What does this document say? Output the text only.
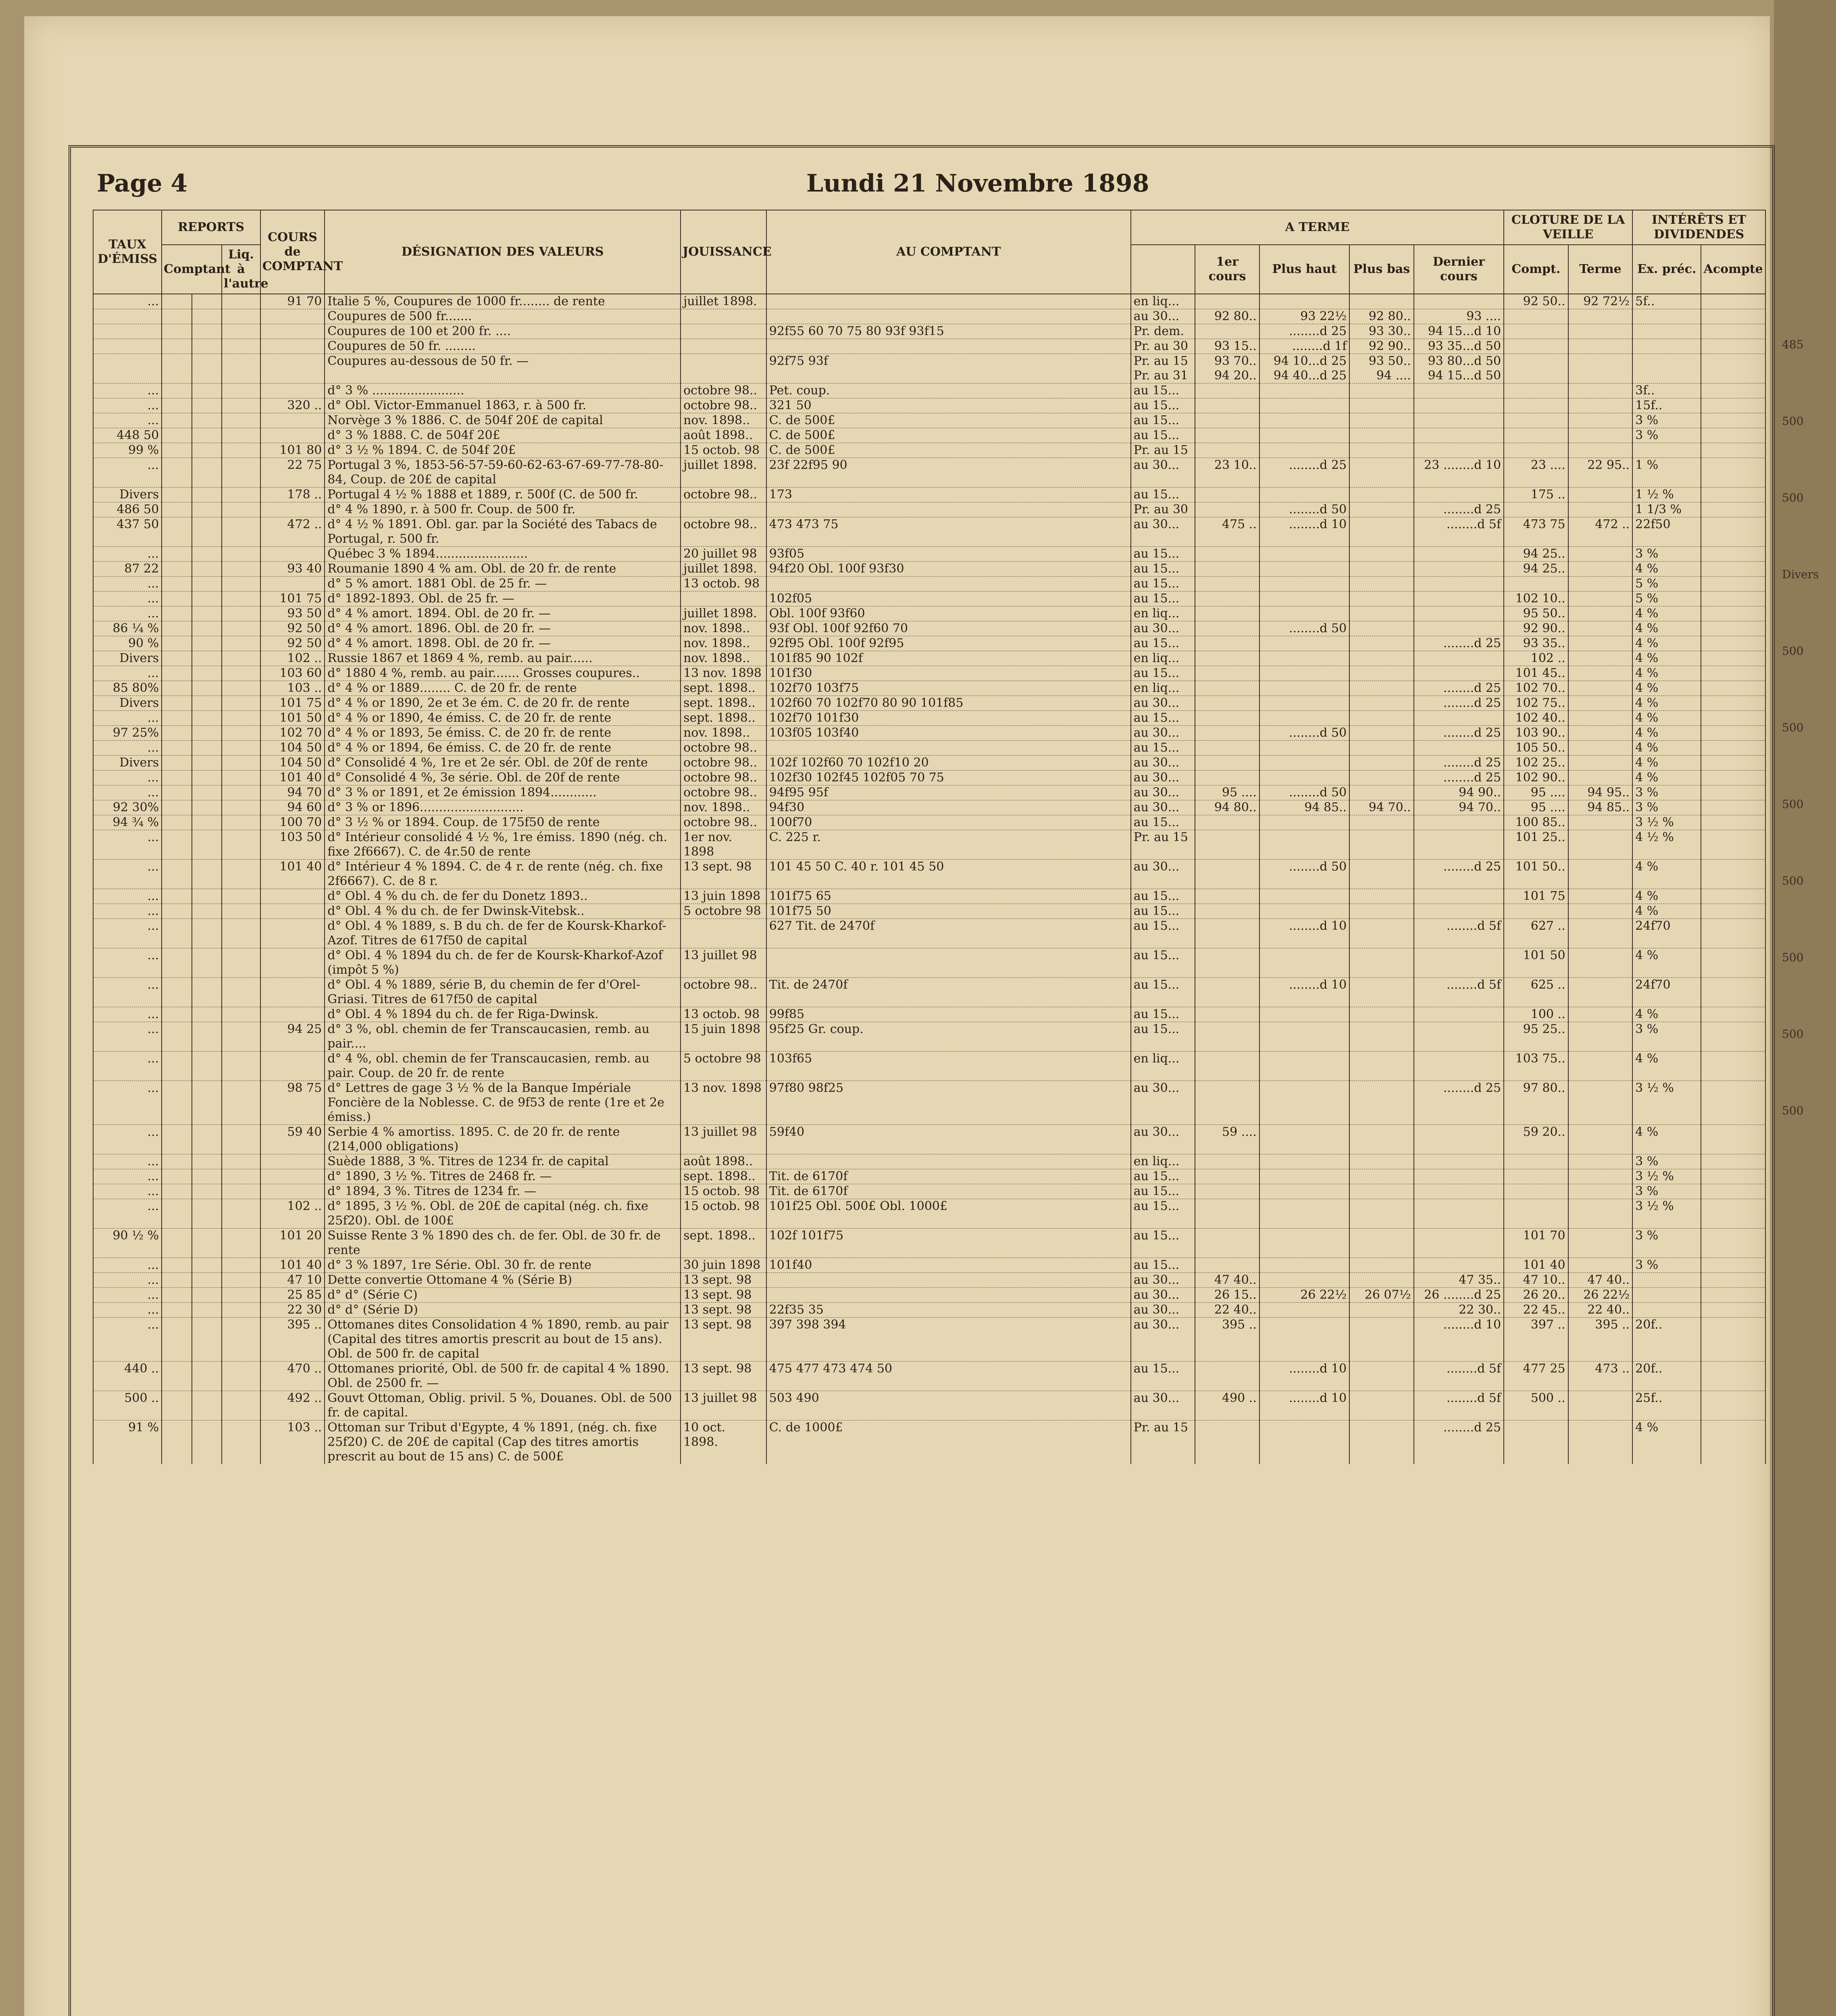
Page 4	Lundi 21 Novembre 1898
TAUX D'ÉMISS	REPORTS			COURS de COMPTANT	DÉSIGNATION DES VALEURS	JOUISSANCE	AU COMPTANT	A TERME					CLOTURE DE LA VEILLE		INTÉRÊTS ET DIVIDENDES	
	Comptant		Liq. à l'autre						1er cours	Plus haut	Plus bas	Dernier cours	Compt.	Terme	Ex. préc.	Acompte
...				91 70	Italie 5 %, Coupures de 1000 fr........ de rente	juillet 1898.		en liq...					92 50..	92 72½	5f..	
					Coupures de 500 fr.......			au 30...	92 80..	93 22½	92 80..	93 ....				
					Coupures de 100 et 200 fr. ....		92f55 60 70 75 80 93f 93f15	Pr. dem.		........d 25	93 30..	94 15...d 10				
					Coupures de 50 fr. ........			Pr. au 30	93 15..	........d 1f	92 90..	93 35...d 50				
					Coupures au-dessous de 50 fr. —		92f75 93f	Pr. au 15	93 70..	94 10...d 25	93 50..	93 80...d 50				
								Pr. au 31	94 20..	94 40...d 25	94 ....	94 15...d 50				
...					d° 3 % ........................	octobre 98..	Pet. coup.	au 15...							3f..	
...				320 ..	d° Obl. Victor-Emmanuel 1863, r. à 500 fr.	octobre 98..	321 50	au 15...							15f..	
...					Norvège 3 % 1886. C. de 504f 20£ de capital	nov. 1898..	C. de 500£	au 15...							3 %	
448 50					d° 3 % 1888. C. de 504f 20£	août 1898..	C. de 500£	au 15...							3 %	
99 %				101 80	d° 3 ½ % 1894. C. de 504f 20£	15 octob. 98	C. de 500£	Pr. au 15								
...				22 75	Portugal 3 %, 1853-56-57-59-60-62-63-67-69-77-78-80-84, Coup. de 20£ de capital	juillet 1898.	23f 22f95 90	au 30...	23 10..	........d 25		23 ........d 10	23 ....	22 95..	1 %	
Divers				178 ..	Portugal 4 ½ % 1888 et 1889, r. 500f (C. de 500 fr.	octobre 98..	173	au 15...					175 ..		1 ½ %	
486 50					d° 4 % 1890, r. à 500 fr. Coup. de 500 fr.			Pr. au 30		........d 50		........d 25			1 1/3 %	
437 50				472 ..	d° 4 ½ % 1891. Obl. gar. par la Société des Tabacs de Portugal, r. 500 fr.	octobre 98..	473 473 75	au 30...	475 ..	........d 10		........d 5f	473 75	472 ..	22f50	
...					Québec 3 % 1894........................	20 juillet 98	93f05	au 15...					94 25..		3 %	
87 22				93 40	Roumanie 1890 4 % am. Obl. de 20 fr. de rente	juillet 1898.	94f20 Obl. 100f 93f30	au 15...					94 25..		4 %	
...					d° 5 % amort. 1881 Obl. de 25 fr. —	13 octob. 98		au 15...							5 %	
...				101 75	d° 1892-1893. Obl. de 25 fr. —		102f05	au 15...					102 10..		5 %	
...				93 50	d° 4 % amort. 1894. Obl. de 20 fr. —	juillet 1898.	Obl. 100f 93f60	en liq...					95 50..		4 %	
86 ¼ %				92 50	d° 4 % amort. 1896. Obl. de 20 fr. —	nov. 1898..	93f Obl. 100f 92f60 70	au 30...		........d 50			92 90..		4 %	
90 %				92 50	d° 4 % amort. 1898. Obl. de 20 fr. —	nov. 1898..	92f95 Obl. 100f 92f95	au 15...				........d 25	93 35..		4 %	
Divers				102 ..	Russie 1867 et 1869 4 %, remb. au pair......	nov. 1898..	101f85 90 102f	en liq...					102 ..		4 %	
...				103 60	d° 1880 4 %, remb. au pair....... Grosses coupures..	13 nov. 1898	101f30	au 15...					101 45..		4 %	
85 80%				103 ..	d° 4 % or 1889........ C. de 20 fr. de rente	sept. 1898..	102f70 103f75	en liq...				........d 25	102 70..		4 %	
Divers				101 75	d° 4 % or 1890, 2e et 3e ém. C. de 20 fr. de rente	sept. 1898..	102f60 70 102f70 80 90 101f85	au 30...				........d 25	102 75..		4 %	
...				101 50	d° 4 % or 1890, 4e émiss. C. de 20 fr. de rente	sept. 1898..	102f70 101f30	au 15...					102 40..		4 %	
97 25%				102 70	d° 4 % or 1893, 5e émiss. C. de 20 fr. de rente	nov. 1898..	103f05 103f40	au 30...		........d 50		........d 25	103 90..		4 %	
...				104 50	d° 4 % or 1894, 6e émiss. C. de 20 fr. de rente	octobre 98..		au 15...					105 50..		4 %	
Divers				104 50	d° Consolidé 4 %, 1re et 2e sér. Obl. de 20f de rente	octobre 98..	102f 102f60 70 102f10 20	au 30...				........d 25	102 25..		4 %	
...				101 40	d° Consolidé 4 %, 3e série. Obl. de 20f de rente	octobre 98..	102f30 102f45 102f05 70 75	au 30...				........d 25	102 90..		4 %	
...				94 70	d° 3 % or 1891, et 2e émission 1894............	octobre 98..	94f95 95f	au 30...	95 ....	........d 50		94 90..	95 ....	94 95..	3 %	
92 30%				94 60	d° 3 % or 1896...........................	nov. 1898..	94f30	au 30...	94 80..	94 85..	94 70..	94 70..	95 ....	94 85..	3 %	
94 ¾ %				100 70	d° 3 ½ % or 1894. Coup. de 175f50 de rente	octobre 98..	100f70	au 15...					100 85..		3 ½ %	
...				103 50	d° Intérieur consolidé 4 ½ %, 1re émiss. 1890 (nég. ch. fixe 2f6667). C. de 4r.50 de rente	1er nov. 1898	C. 225 r.	Pr. au 15					101 25..		4 ½ %	
...				101 40	d° Intérieur 4 % 1894. C. de 4 r. de rente (nég. ch. fixe 2f6667). C. de 8 r.	13 sept. 98	101 45 50 C. 40 r. 101 45 50	au 30...		........d 50		........d 25	101 50..		4 %	
...					d° Obl. 4 % du ch. de fer du Donetz 1893..	13 juin 1898	101f75 65	au 15...					101 75		4 %	
...					d° Obl. 4 % du ch. de fer Dwinsk-Vitebsk..	5 octobre 98	101f75 50	au 15...							4 %	
...					d° Obl. 4 % 1889, s. B du ch. de fer de Koursk-Kharkof-Azof. Titres de 617f50 de capital		627 Tit. de 2470f	au 15...		........d 10		........d 5f	627 ..		24f70	
...					d° Obl. 4 % 1894 du ch. de fer de Koursk-Kharkof-Azof (impôt 5 %)	13 juillet 98		au 15...					101 50		4 %	
...					d° Obl. 4 % 1889, série B, du chemin de fer d'Orel-Griasi. Titres de 617f50 de capital	octobre 98..	Tit. de 2470f	au 15...		........d 10		........d 5f	625 ..		24f70	
...					d° Obl. 4 % 1894 du ch. de fer Riga-Dwinsk.	13 octob. 98	99f85	au 15...					100 ..		4 %	
...				94 25	d° 3 %, obl. chemin de fer Transcaucasien, remb. au pair....	15 juin 1898	95f25 Gr. coup.	au 15...					95 25..		3 %	
...					d° 4 %, obl. chemin de fer Transcaucasien, remb. au pair. Coup. de 20 fr. de rente	5 octobre 98	103f65	en liq...					103 75..		4 %	
...				98 75	d° Lettres de gage 3 ½ % de la Banque Impériale Foncière de la Noblesse. C. de 9f53 de rente (1re et 2e émiss.)	13 nov. 1898	97f80 98f25	au 30...				........d 25	97 80..		3 ½ %	
...				59 40	Serbie 4 % amortiss. 1895. C. de 20 fr. de rente (214,000 obligations)	13 juillet 98	59f40	au 30...	59 ....				59 20..		4 %	
...					Suède 1888, 3 %. Titres de 1234 fr. de capital	août 1898..		en liq...							3 %	
...					d° 1890, 3 ½ %. Titres de 2468 fr. —	sept. 1898..	Tit. de 6170f	au 15...							3 ½ %	
...					d° 1894, 3 %. Titres de 1234 fr. —	15 octob. 98	Tit. de 6170f	au 15...							3 %	
...				102 ..	d° 1895, 3 ½ %. Obl. de 20£ de capital (nég. ch. fixe 25f20). Obl. de 100£	15 octob. 98	101f25 Obl. 500£ Obl. 1000£	au 15...							3 ½ %	
90 ½ %				101 20	Suisse Rente 3 % 1890 des ch. de fer. Obl. de 30 fr. de rente	sept. 1898..	102f 101f75	au 15...					101 70		3 %	
...				101 40	d° 3 % 1897, 1re Série. Obl. 30 fr. de rente	30 juin 1898	101f40	au 15...					101 40		3 %	
...				47 10	Dette convertie Ottomane 4 % (Série B)	13 sept. 98		au 30...	47 40..			47 35..	47 10..	47 40..		
...				25 85	d° d° (Série C)	13 sept. 98		au 30...	26 15..	26 22½	26 07½	26 ........d 25	26 20..	26 22½		
...				22 30	d° d° (Série D)	13 sept. 98	22f35 35	au 30...	22 40..			22 30..	22 45..	22 40..		
...				395 ..	Ottomanes dites Consolidation 4 % 1890, remb. au pair (Capital des titres amortis prescrit au bout de 15 ans). Obl. de 500 fr. de capital	13 sept. 98	397 398 394	au 30...	395 ..			........d 10	397 ..	395 ..	20f..	
440 ..				470 ..	Ottomanes priorité, Obl. de 500 fr. de capital 4 % 1890. Obl. de 2500 fr. —	13 sept. 98	475 477 473 474 50	au 15...		........d 10		........d 5f	477 25	473 ..	20f..	
500 ..				492 ..	Gouvt Ottoman, Oblig. privil. 5 %, Douanes. Obl. de 500 fr. de capital.	13 juillet 98	503 490	au 30...	490 ..	........d 10		........d 5f	500 ..		25f..	
91 %				103 ..	Ottoman sur Tribut d'Egypte, 4 % 1891, (nég. ch. fixe 25f20) C. de 20£ de capital (Cap des titres amortis prescrit au bout de 15 ans) C. de 500£	10 oct. 1898.	C. de 1000£	Pr. au 15				........d 25			4 %	
485
500
500
Divers
500
500
500
500
500
500
500
